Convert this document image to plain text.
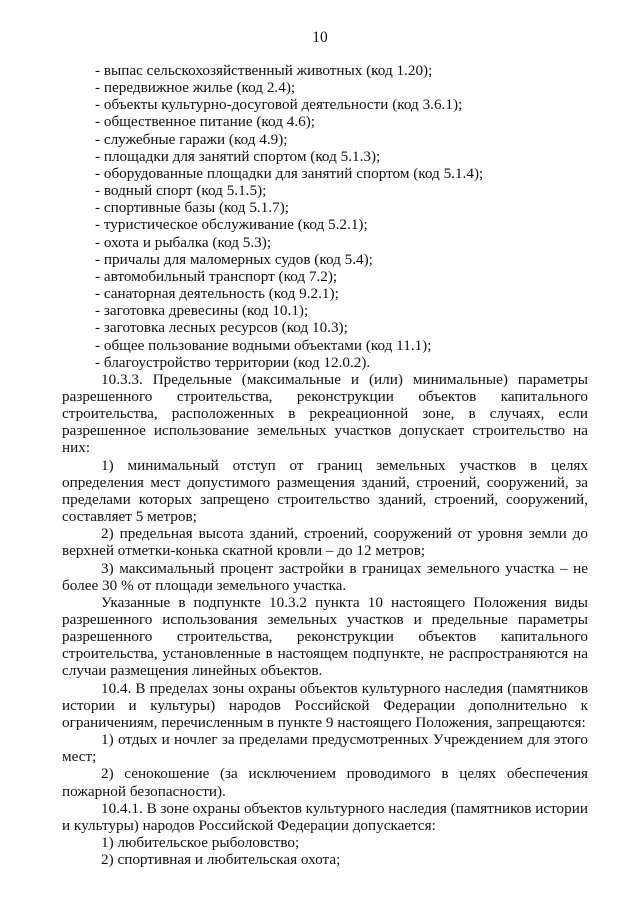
10
- выпас сельскохозяйственный животных (код 1.20);
- передвижное жилье (код 2.4);
- объекты культурно-досуговой деятельности (код 3.6.1);
- общественное питание (код 4.6);
- служебные гаражи (код 4.9);
- площадки для занятий спортом (код 5.1.3);
- оборудованные площадки для занятий спортом (код 5.1.4);
- водный спорт (код 5.1.5);
- спортивные базы (код 5.1.7);
- туристическое обслуживание (код 5.2.1);
- охота и рыбалка (код 5.3);
- причалы для маломерных судов (код 5.4);
- автомобильный транспорт (код 7.2);
- санаторная деятельность (код 9.2.1);
- заготовка древесины (код 10.1);
- заготовка лесных ресурсов (код 10.3);
- общее пользование водными объектами (код 11.1);
- благоустройство территории (код 12.0.2).
10.3.3. Предельные (максимальные и (или) минимальные) параметры разрешенного строительства, реконструкции объектов капитального строительства, расположенных в рекреационной зоне, в случаях, если разрешенное использование земельных участков допускает строительство на них:
1) минимальный отступ от границ земельных участков в целях определения мест допустимого размещения зданий, строений, сооружений, за пределами которых запрещено строительство зданий, строений, сооружений, составляет 5 метров;
2) предельная высота зданий, строений, сооружений от уровня земли до верхней отметки-конька скатной кровли – до 12 метров;
3) максимальный процент застройки в границах земельного участка – не более 30 % от площади земельного участка.
Указанные в подпункте 10.3.2 пункта 10 настоящего Положения виды разрешенного использования земельных участков и предельные параметры разрешенного строительства, реконструкции объектов капитального строительства, установленные в настоящем подпункте, не распространяются на случаи размещения линейных объектов.
10.4. В пределах зоны охраны объектов культурного наследия (памятников истории и культуры) народов Российской Федерации дополнительно к ограничениям, перечисленным в пункте 9 настоящего Положения, запрещаются:
1) отдых и ночлег за пределами предусмотренных Учреждением для этого мест;
2) сенокошение (за исключением проводимого в целях обеспечения пожарной безопасности).
10.4.1. В зоне охраны объектов культурного наследия (памятников истории и культуры) народов Российской Федерации допускается:
1) любительское рыболовство;
2) спортивная и любительская охота;
